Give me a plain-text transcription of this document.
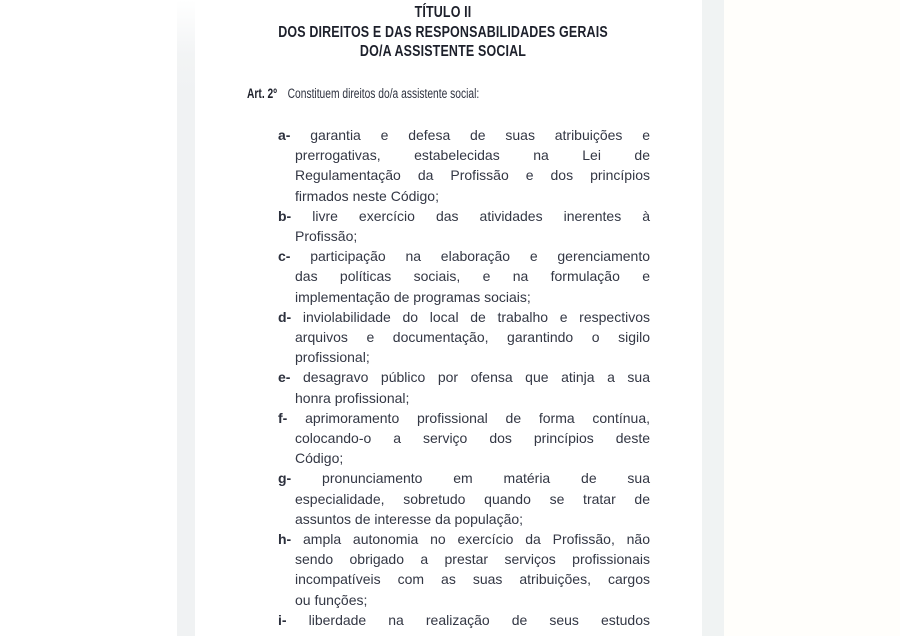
TÍTULO II
DOS DIREITOS E DAS RESPONSABILIDADES GERAIS
DO/A ASSISTENTE SOCIAL
Art. 2º Constituem direitos do/a assistente social:
a- garantia e defesa de suas atribuições e
prerrogativas, estabelecidas na Lei de
Regulamentação da Profissão e dos princípios
firmados neste Código;
b- livre exercício das atividades inerentes à
Profissão;
c- participação na elaboração e gerenciamento
das políticas sociais, e na formulação e
implementação de programas sociais;
d- inviolabilidade do local de trabalho e respectivos
arquivos e documentação, garantindo o sigilo
profissional;
e- desagravo público por ofensa que atinja a sua
honra profissional;
f- aprimoramento profissional de forma contínua,
colocando-o a serviço dos princípios deste
Código;
g- pronunciamento em matéria de sua
especialidade, sobretudo quando se tratar de
assuntos de interesse da população;
h- ampla autonomia no exercício da Profissão, não
sendo obrigado a prestar serviços profissionais
incompatíveis com as suas atribuições, cargos
ou funções;
i- liberdade na realização de seus estudos
